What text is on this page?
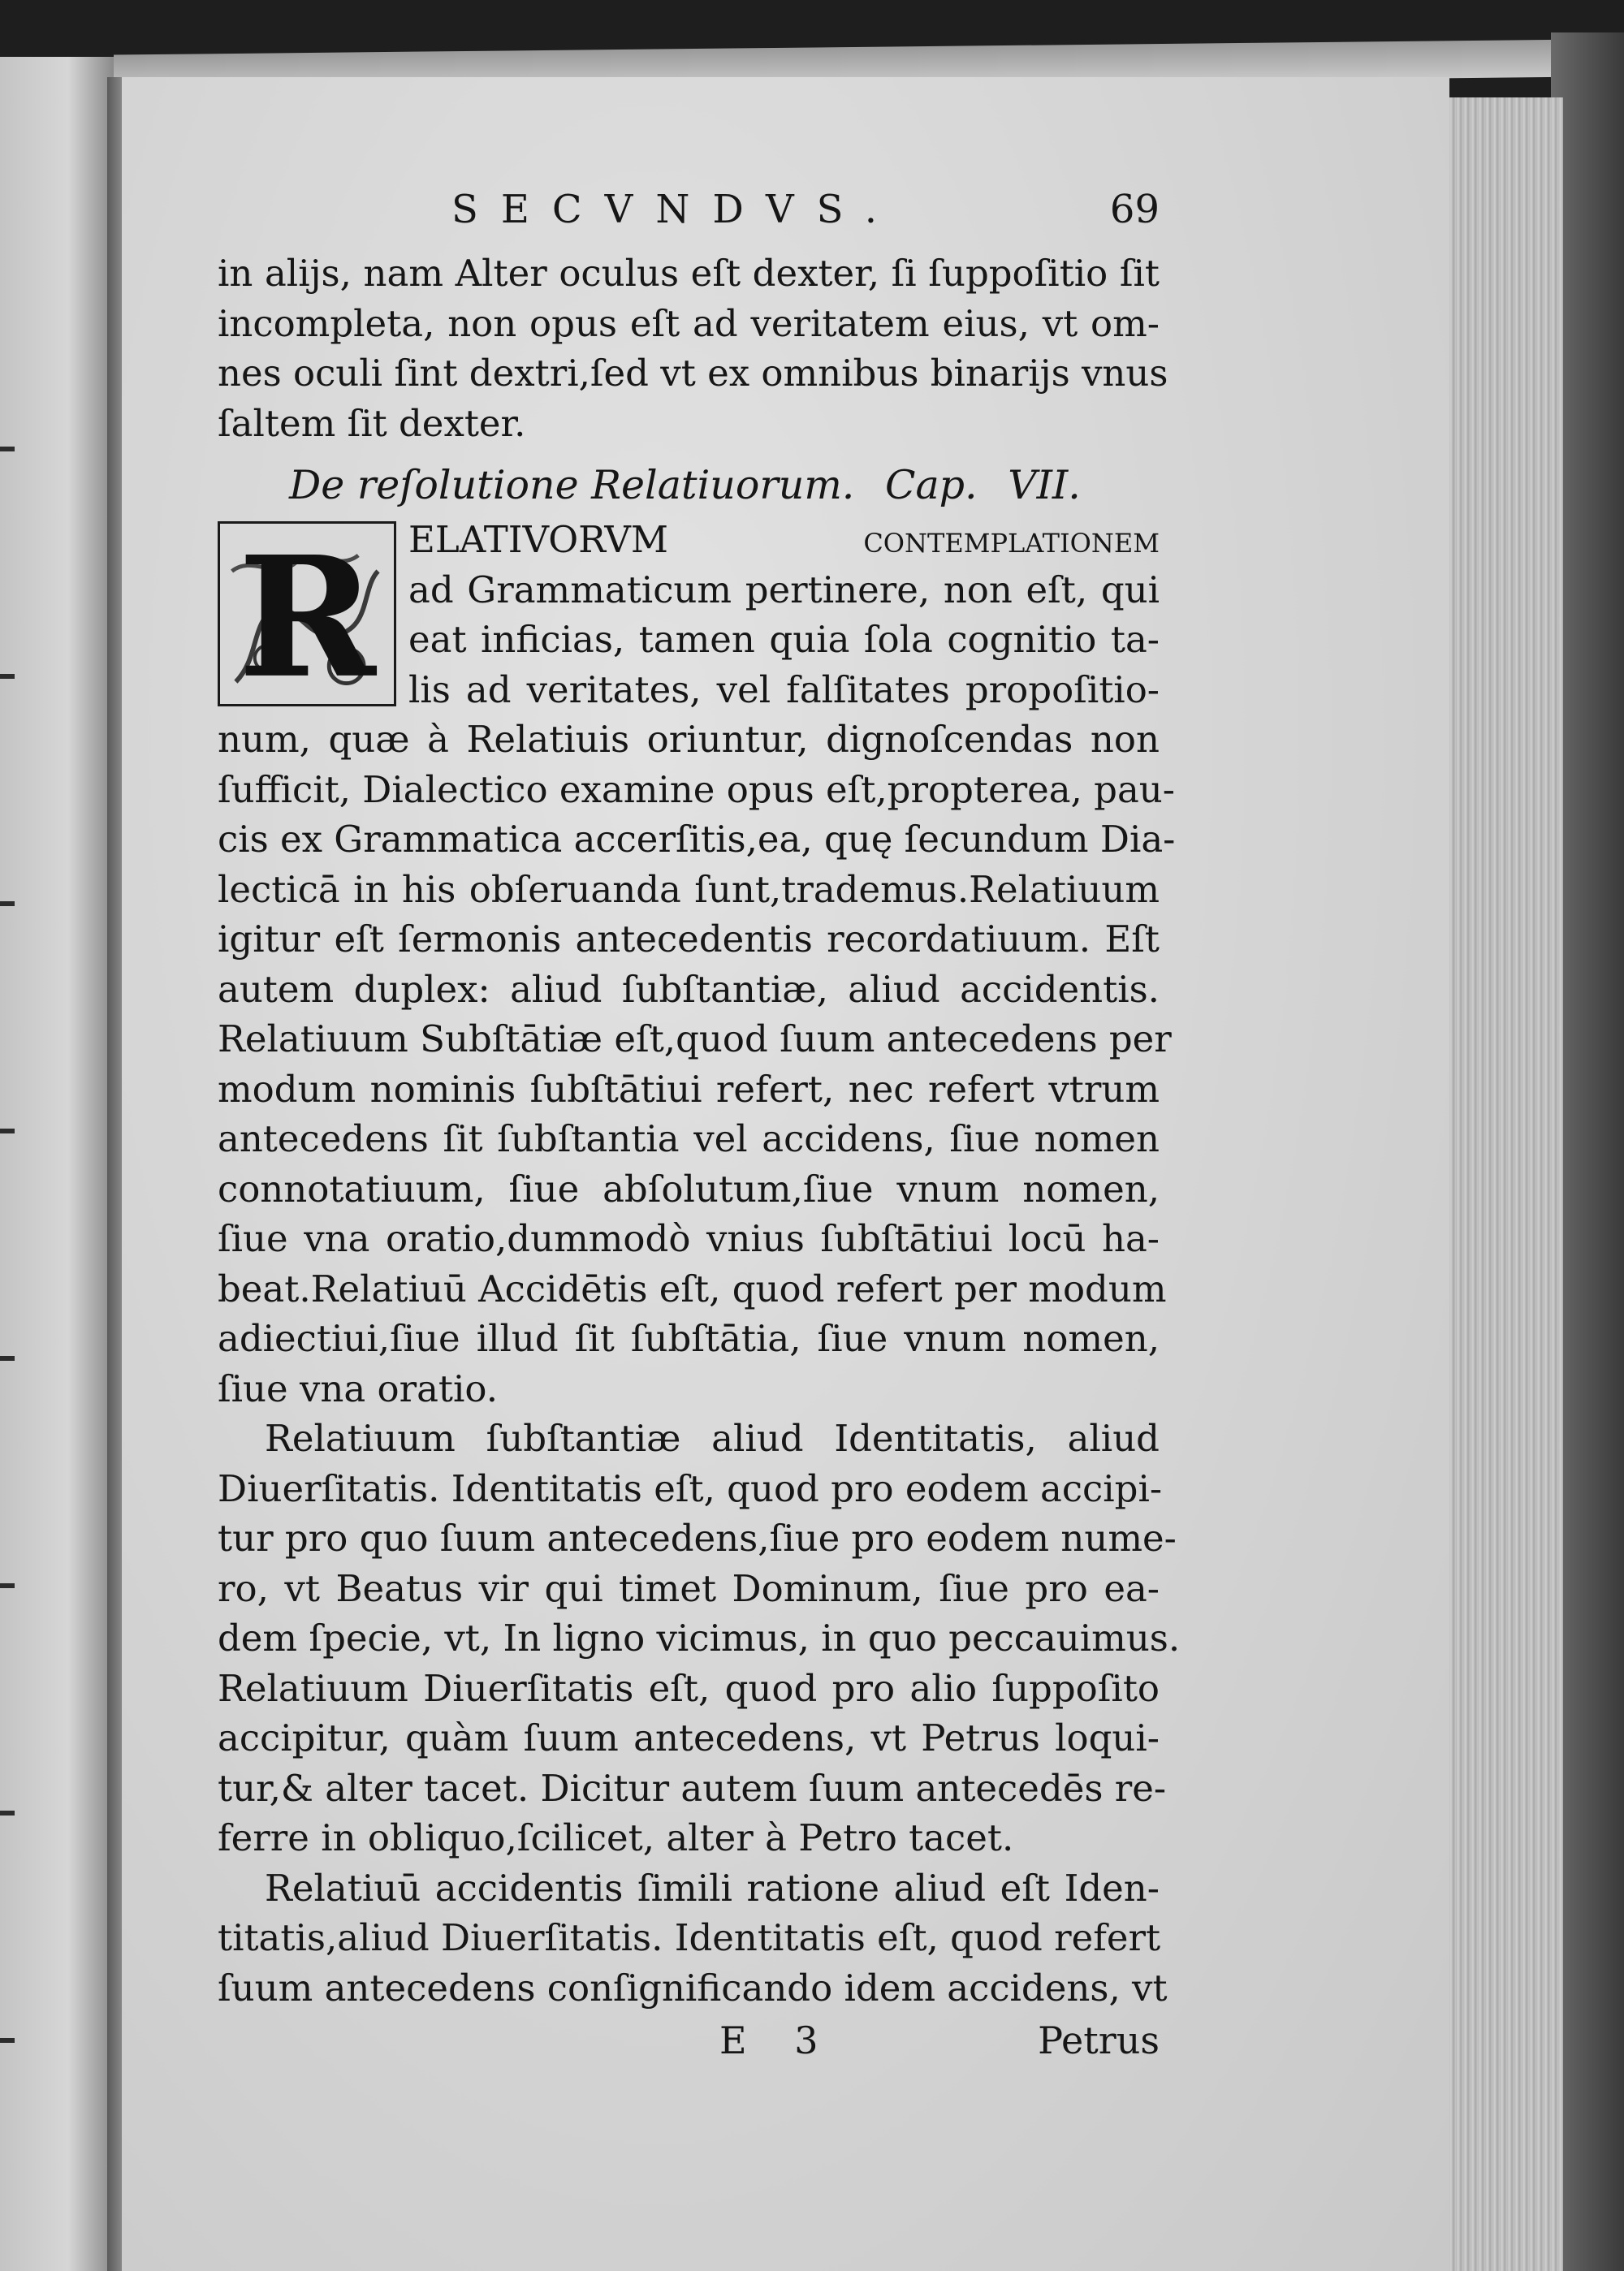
SECVNDVS.	69
in alijs, nam Alter oculus eſt dexter, ſi ſuppoſitio ſit
incompleta, non opus eſt ad veritatem eius, vt om-
nes oculi ſint dextri,ſed vt ex omnibus binarijs vnus
ſaltem ſit dexter.
De reſolutione Relatiuorum. Cap. VII.
R ELATIVORVM contemplationem
ad Grammaticum pertinere, non eſt, qui
eat inficias, tamen quia ſola cognitio ta-
lis ad veritates, vel falſitates propoſitio-
num, quæ à Relatiuis oriuntur, dignoſcendas non
ſufficit, Dialectico examine opus eſt,propterea, pau-
cis ex Grammatica accerſitis,ea, quę ſecundum Dia-
lecticā in his obſeruanda ſunt,trademus.Relatiuum
igitur eſt ſermonis antecedentis recordatiuum. Eſt
autem duplex: aliud ſubſtantiæ, aliud accidentis.
Relatiuum Subſtātiæ eſt,quod ſuum antecedens per
modum nominis ſubſtātiui refert, nec refert vtrum
antecedens ſit ſubſtantia vel accidens, ſiue nomen
connotatiuum, ſiue abſolutum,ſiue vnum nomen,
ſiue vna oratio,dummodò vnius ſubſtātiui locū ha-
beat.Relatiuū Accidētis eſt, quod refert per modum
adiectiui,ſiue illud ſit ſubſtātia, ſiue vnum nomen,
ſiue vna oratio.
Relatiuum ſubſtantiæ aliud Identitatis, aliud
Diuerſitatis. Identitatis eſt, quod pro eodem accipi-
tur pro quo ſuum antecedens,ſiue pro eodem nume-
ro, vt Beatus vir qui timet Dominum, ſiue pro ea-
dem ſpecie, vt, In ligno vicimus, in quo peccauimus.
Relatiuum Diuerſitatis eſt, quod pro alio ſuppoſito
accipitur, quàm ſuum antecedens, vt Petrus loqui-
tur,& alter tacet. Dicitur autem ſuum antecedēs re-
ferre in obliquo,ſcilicet, alter à Petro tacet.
Relatiuū accidentis ſimili ratione aliud eſt Iden-
titatis,aliud Diuerſitatis. Identitatis eſt, quod refert
ſuum antecedens conſignificando idem accidens, vt
E 3	Petrus
